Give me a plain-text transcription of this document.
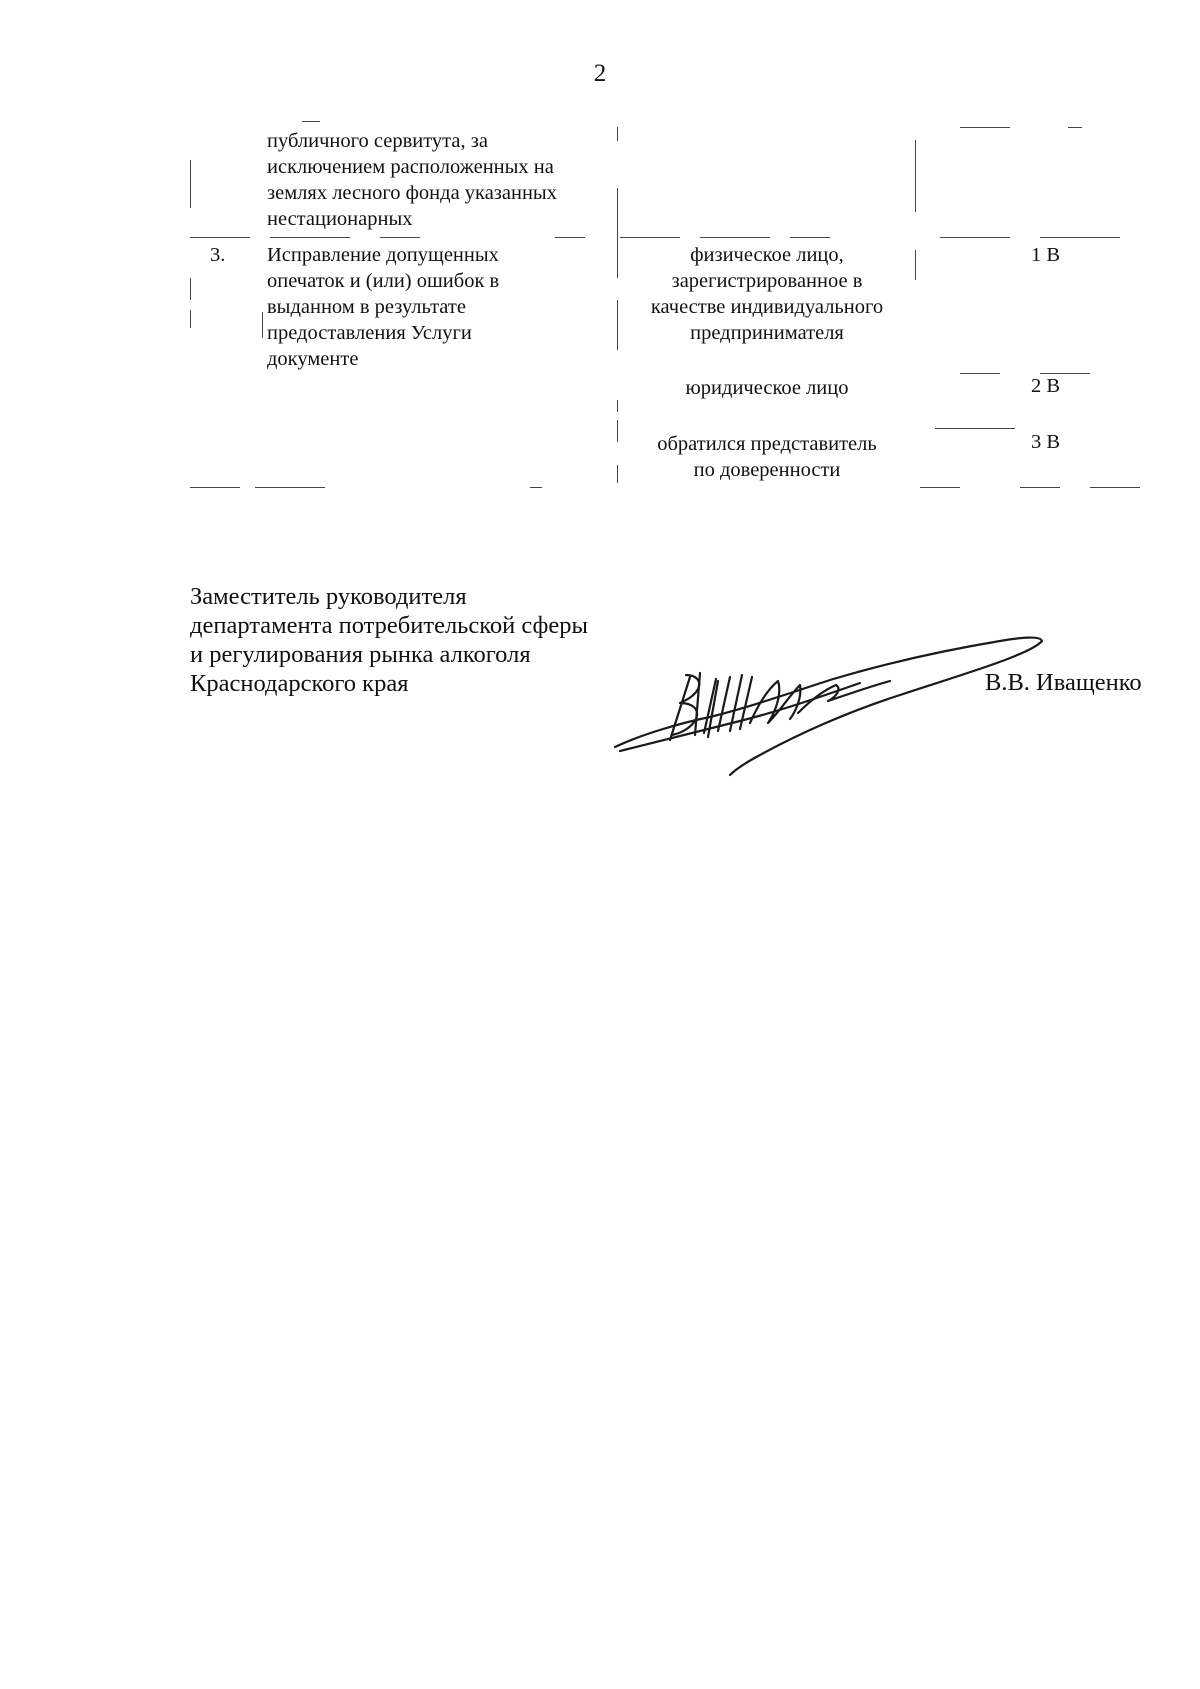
2
публичного сервитута, за
исключением расположенных на
землях лесного фонда указанных
нестационарных
3. Исправление допущенных
опечаток и (или) ошибок в
выданном в результате
предоставления Услуги
документе
физическое лицо,
зарегистрированное в
качестве индивидуального
предпринимателя
1 В
юридическое лицо	2 В
обратился представитель
по доверенности
3 В
Заместитель руководителя
департамента потребительской сферы
и регулирования рынка алкоголя
Краснодарского края	В.В. Иващенко
